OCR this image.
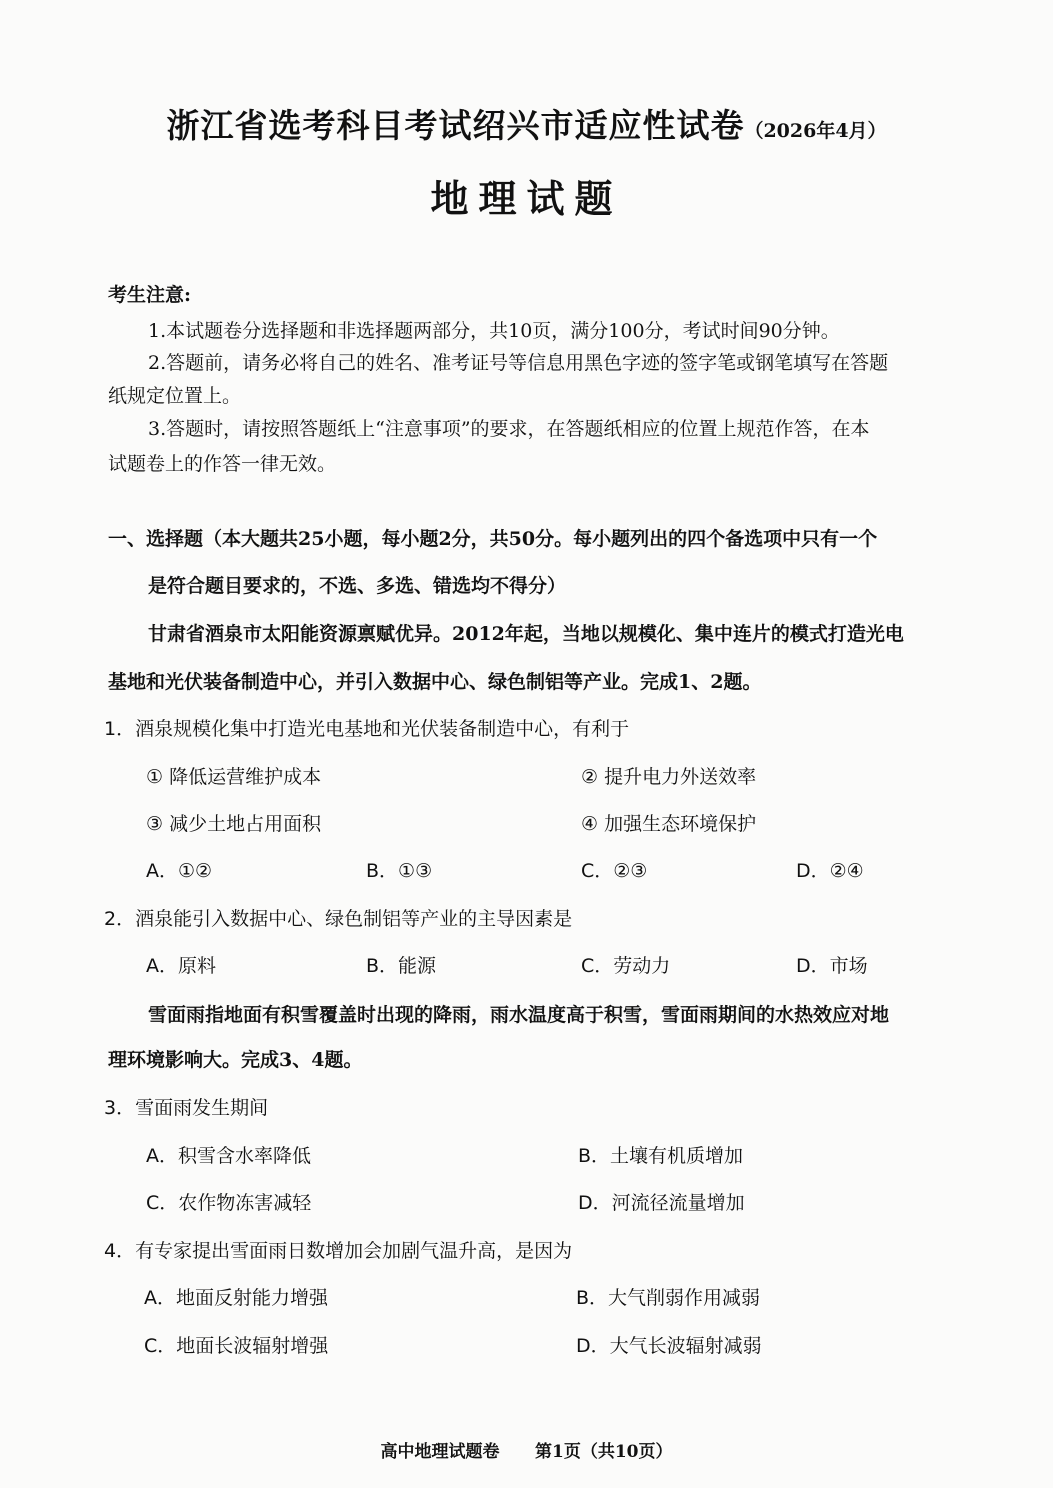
浙江省选考科目考试绍兴市适应性试卷（2026年4月）
地理试题
考生注意:
1.本试题卷分选择题和非选择题两部分，共10页，满分100分，考试时间90分钟。
2.答题前，请务必将自己的姓名、准考证号等信息用黑色字迹的签字笔或钢笔填写在答题
纸规定位置上。
3.答题时，请按照答题纸上“注意事项”的要求，在答题纸相应的位置上规范作答，在本
试题卷上的作答一律无效。
一、选择题（本大题共25小题，每小题2分，共50分。每小题列出的四个备选项中只有一个
是符合题目要求的，不选、多选、错选均不得分）
甘肃省酒泉市太阳能资源禀赋优异。2012年起，当地以规模化、集中连片的模式打造光电
基地和光伏装备制造中心，并引入数据中心、绿色制铝等产业。完成1、2题。
1．酒泉规模化集中打造光电基地和光伏装备制造中心，有利于
① 降低运营维护成本	② 提升电力外送效率
③ 减少土地占用面积	④ 加强生态环境保护
A．①②	B．①③	C．②③	D．②④
2．酒泉能引入数据中心、绿色制铝等产业的主导因素是
A．原料	B．能源	C．劳动力	D．市场
雪面雨指地面有积雪覆盖时出现的降雨，雨水温度高于积雪，雪面雨期间的水热效应对地
理环境影响大。完成3、4题。
3．雪面雨发生期间
A．积雪含水率降低	B．土壤有机质增加
C．农作物冻害减轻	D．河流径流量增加
4．有专家提出雪面雨日数增加会加剧气温升高，是因为
A．地面反射能力增强	B．大气削弱作用减弱
C．地面长波辐射增强	D．大气长波辐射减弱
高中地理试题卷 第1页（共10页）
